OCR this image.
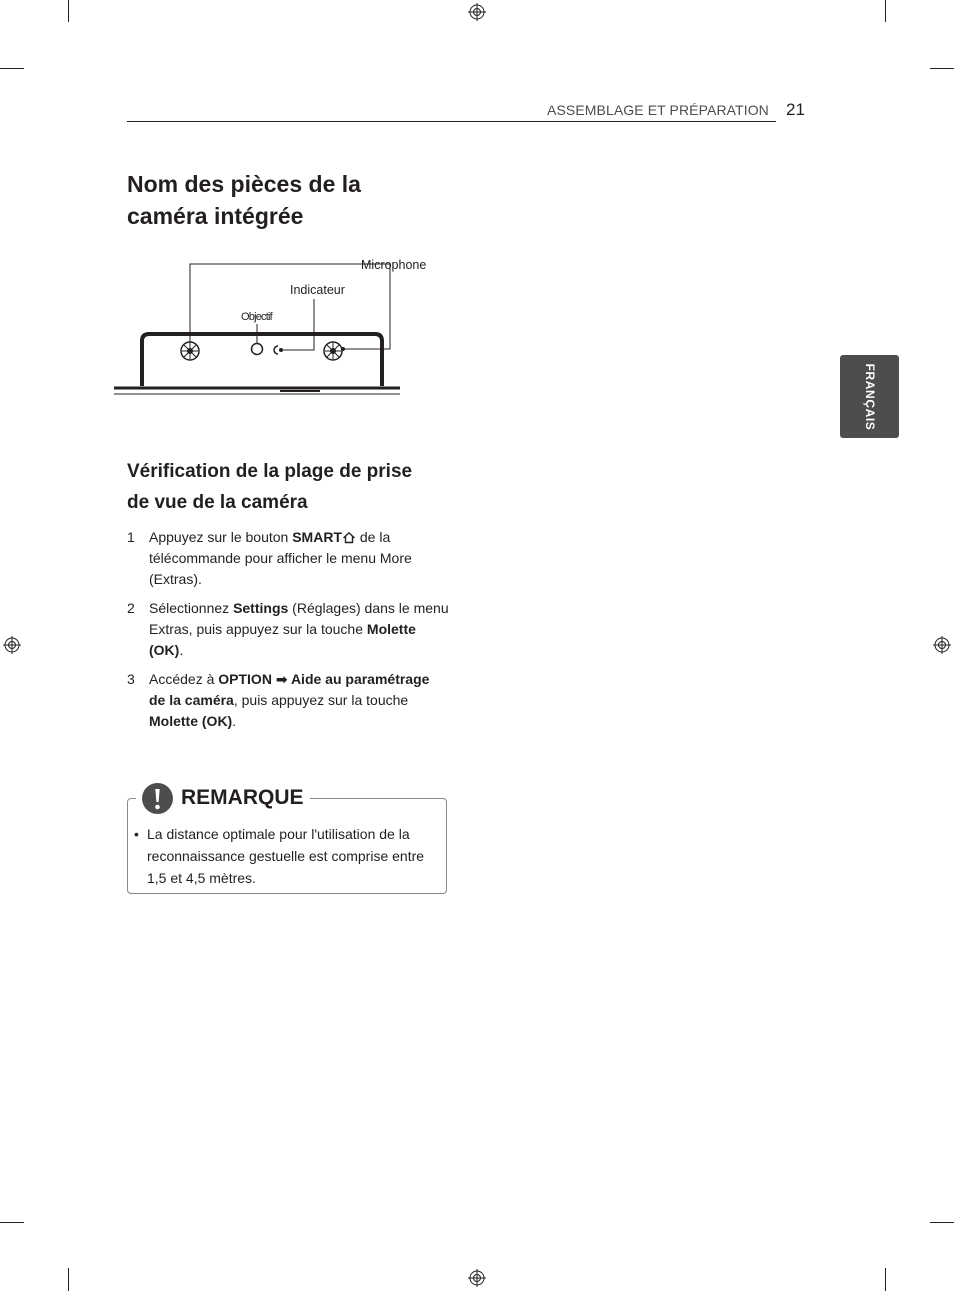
ASSEMBLAGE ET PRÉPARATION 21
FRANÇAIS
Nom des pièces de la
caméra intégrée
Microphone
Indicateur
Objectif
Vérification de la plage de prise
de vue de la caméra
1 Appuyez sur le bouton SMART de la télécommande pour afficher le menu More (Extras).
2 Sélectionnez Settings (Réglages) dans le menu Extras, puis appuyez sur la touche Molette (OK).
3 Accédez à OPTION ➡ Aide au paramétrage de la caméra, puis appuyez sur la touche Molette (OK).
REMARQUE
• La distance optimale pour l'utilisation de la reconnaissance gestuelle est comprise entre 1,5 et 4,5 mètres.
